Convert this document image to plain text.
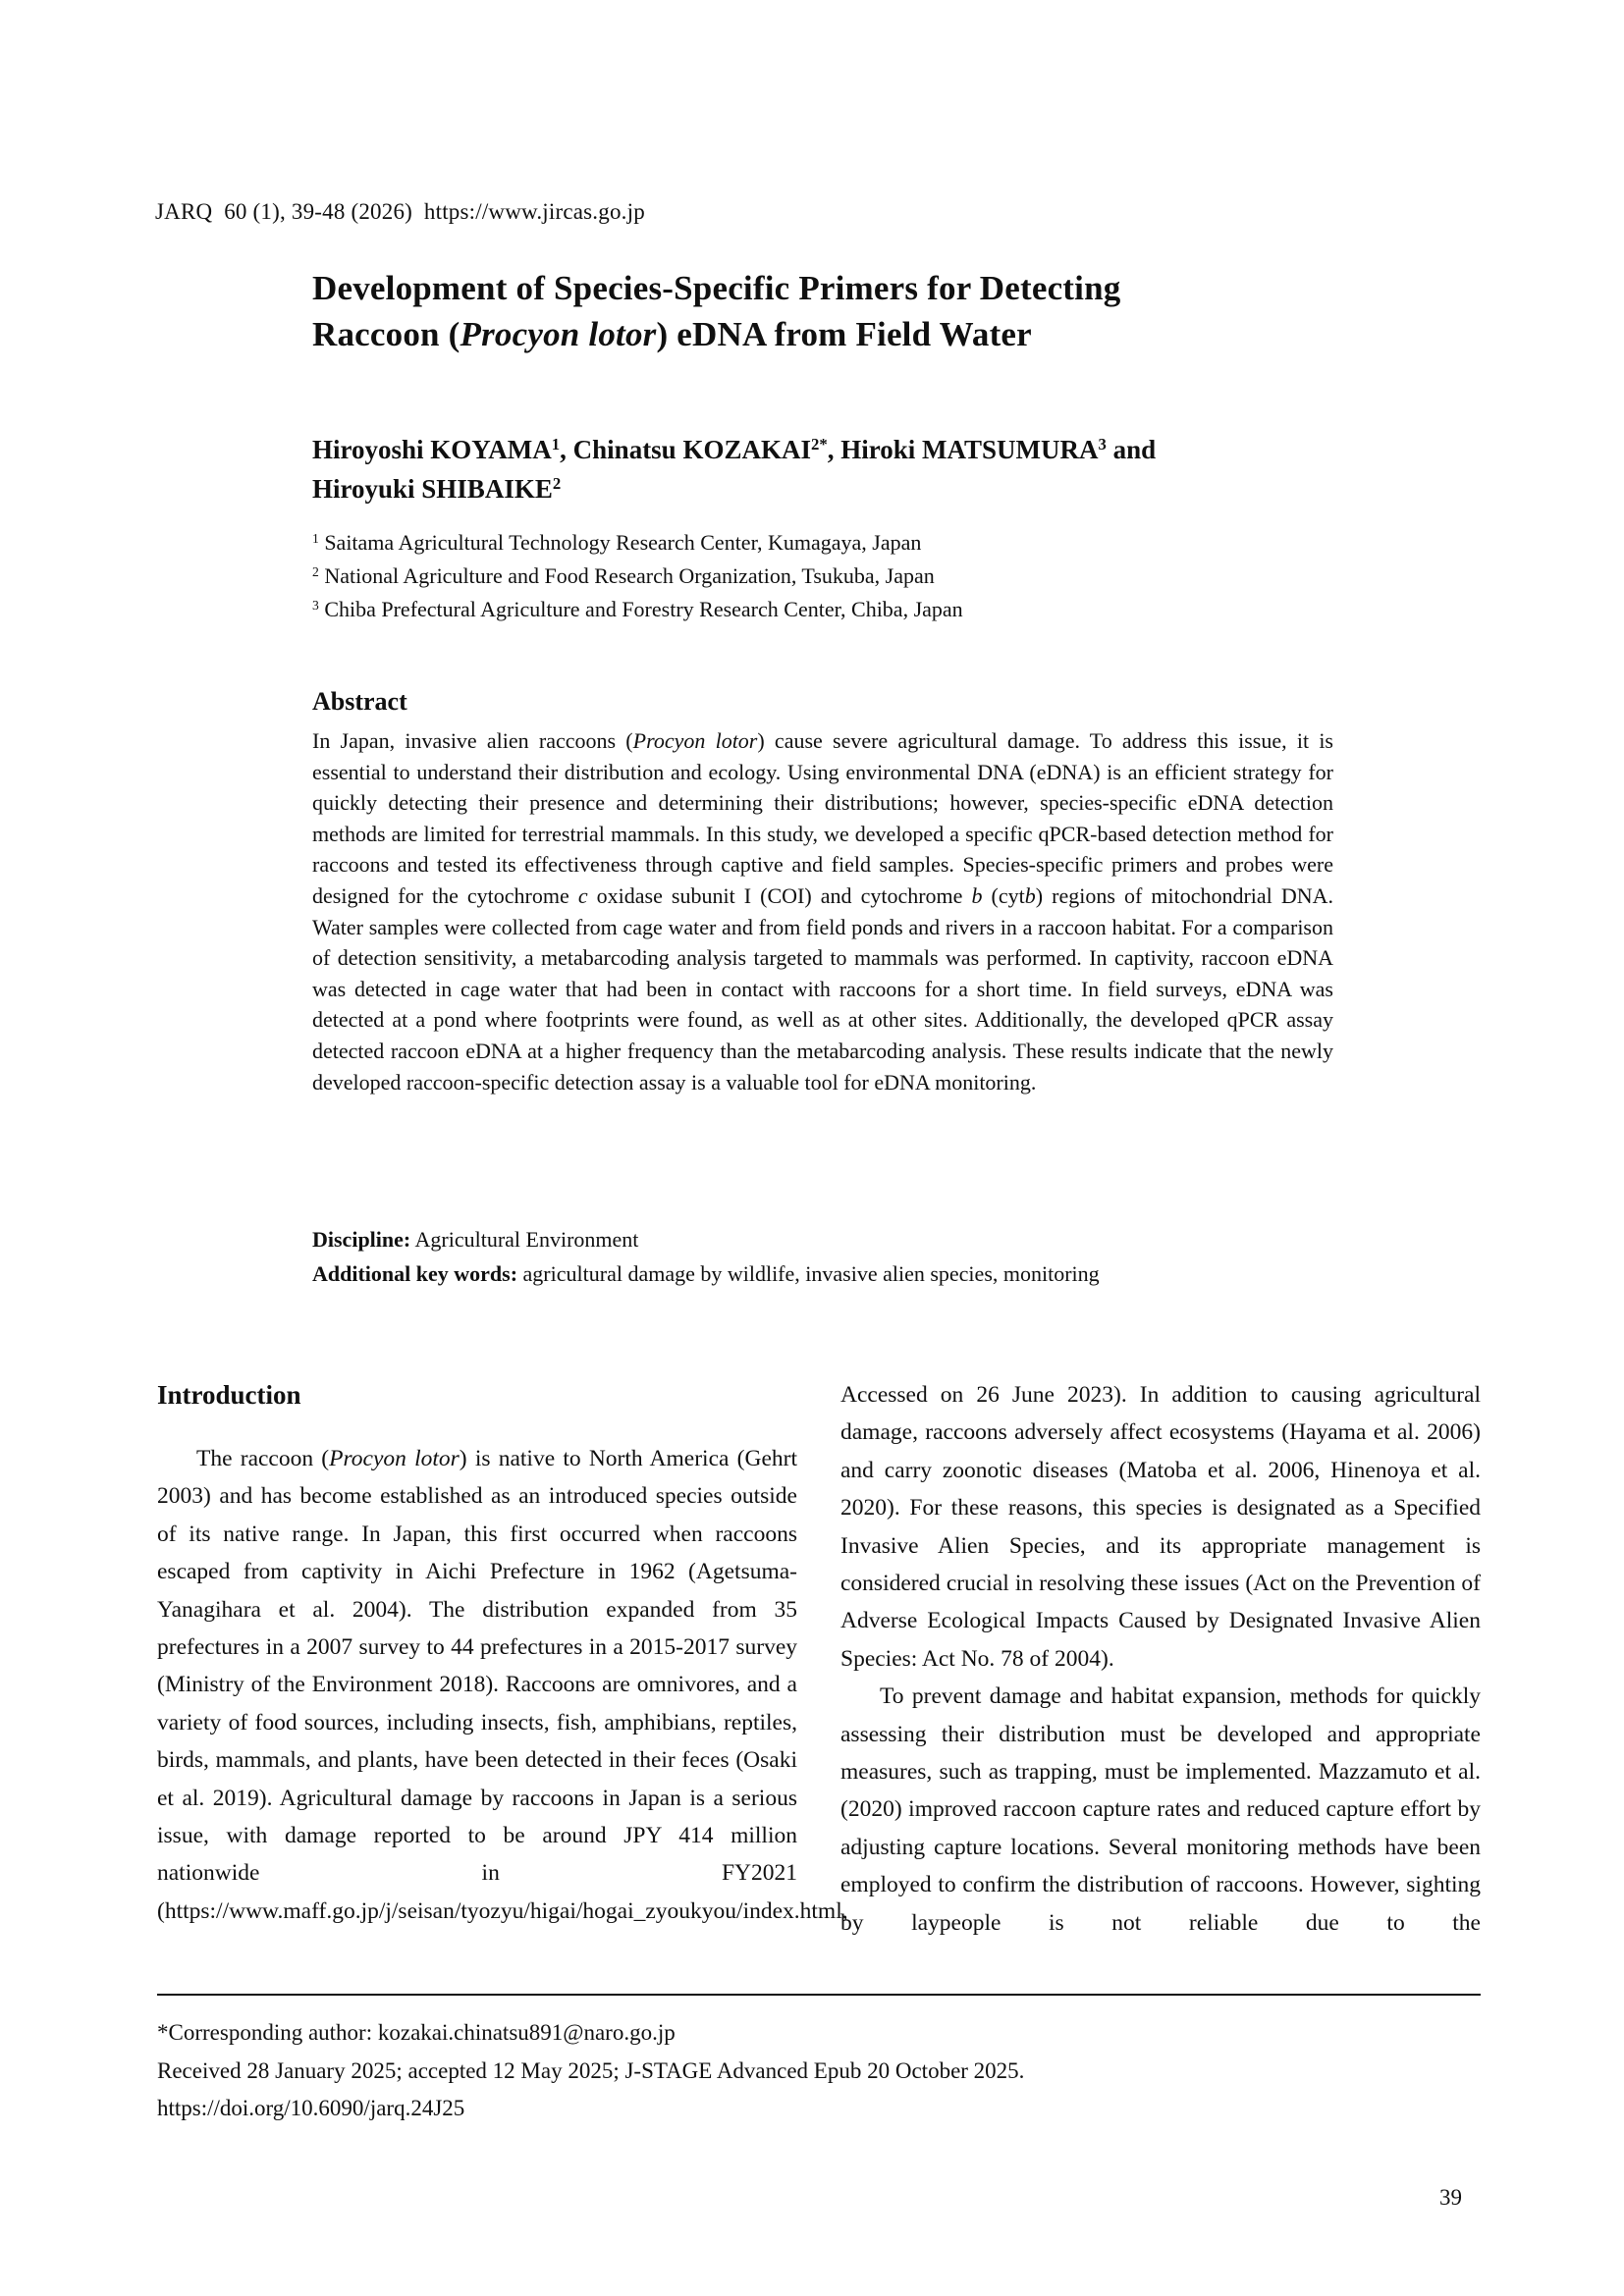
JARQ  60 (1), 39-48 (2026)  https://www.jircas.go.jp
Development of Species-Specific Primers for Detecting
Raccoon (Procyon lotor) eDNA from Field Water
Hiroyoshi KOYAMA$^1$, Chinatsu $KOZAKAI^{2*}$, Hiroki MATSUMURA$^3$ and
Hiroyuki SHIBAIKE$^2$
$^1$ Saitama Agricultural Technology Research Center, Kumagaya, Japan
$^2$ National Agriculture and Food Research Organization, Tsukuba, Japan
$^3$ Chiba Prefectural Agriculture and Forestry Research Center, Chiba, Japan
Abstract
In Japan, invasive alien raccoons (Procyon lotor) cause severe agricultural damage. To address this issue, it is essential to understand their distribution and ecology. Using environmental DNA (eDNA) is an efficient strategy for quickly detecting their presence and determining their distributions; however, species-specific eDNA detection methods are limited for terrestrial mammals. In this study, we developed a specific qPCR-based detection method for raccoons and tested its effectiveness through captive and field samples. Species-specific primers and probes were designed for the cytochrome c oxidase subunit I (COI) and cytochrome b (cytb) regions of mitochondrial DNA. Water samples were collected from cage water and from field ponds and rivers in a raccoon habitat. For a comparison of detection sensitivity, a metabarcoding analysis targeted to mammals was performed. In captivity, raccoon eDNA was detected in cage water that had been in contact with raccoons for a short time. In field surveys, eDNA was detected at a pond where footprints were found, as well as at other sites. Additionally, the developed qPCR assay detected raccoon eDNA at a higher frequency than the metabarcoding analysis. These results indicate that the newly developed raccoon-specific detection assay is a valuable tool for eDNA monitoring.
Discipline: Agricultural Environment
Additional key words: agricultural damage by wildlife, invasive alien species, monitoring
Introduction

The raccoon (Procyon lotor) is native to North America (Gehrt 2003) and has become established as an introduced species outside of its native range. In Japan, this first occurred when raccoons escaped from captivity in Aichi Prefecture in 1962 (Agetsuma-Yanagihara et al. 2004). The distribution expanded from 35 prefectures in a 2007 survey to 44 prefectures in a 2015-2017 survey (Ministry of the Environment 2018). Raccoons are omnivores, and a variety of food sources, including insects, fish, amphibians, reptiles, birds, mammals, and plants, have been detected in their feces (Osaki et al. 2019). Agricultural damage by raccoons in Japan is a serious issue, with damage reported to be around JPY 414 million nationwide in FY2021 (https://www.maff.go.jp/j/seisan/tyozyu/higai/hogai_zyoukyou/index.html,

Accessed on 26 June 2023). In addition to causing agricultural damage, raccoons adversely affect ecosystems (Hayama et al. 2006) and carry zoonotic diseases (Matoba et al. 2006, Hinenoya et al. 2020). For these reasons, this species is designated as a Specified Invasive Alien Species, and its appropriate management is considered crucial in resolving these issues (Act on the Prevention of Adverse Ecological Impacts Caused by Designated Invasive Alien Species: Act No. 78 of 2004).

To prevent damage and habitat expansion, methods for quickly assessing their distribution must be developed and appropriate measures, such as trapping, must be implemented. Mazzamuto et al. (2020) improved raccoon capture rates and reduced capture effort by adjusting capture locations. Several monitoring methods have been employed to confirm the distribution of raccoons. However, sighting by laypeople is not reliable due to the

*Corresponding author: kozakai.chinatsu891@naro.go.jp
Received 28 January 2025; accepted 12 May 2025; J-STAGE Advanced Epub 20 October 2025.
https://doi.org/10.6090/jarq.24J25
39
